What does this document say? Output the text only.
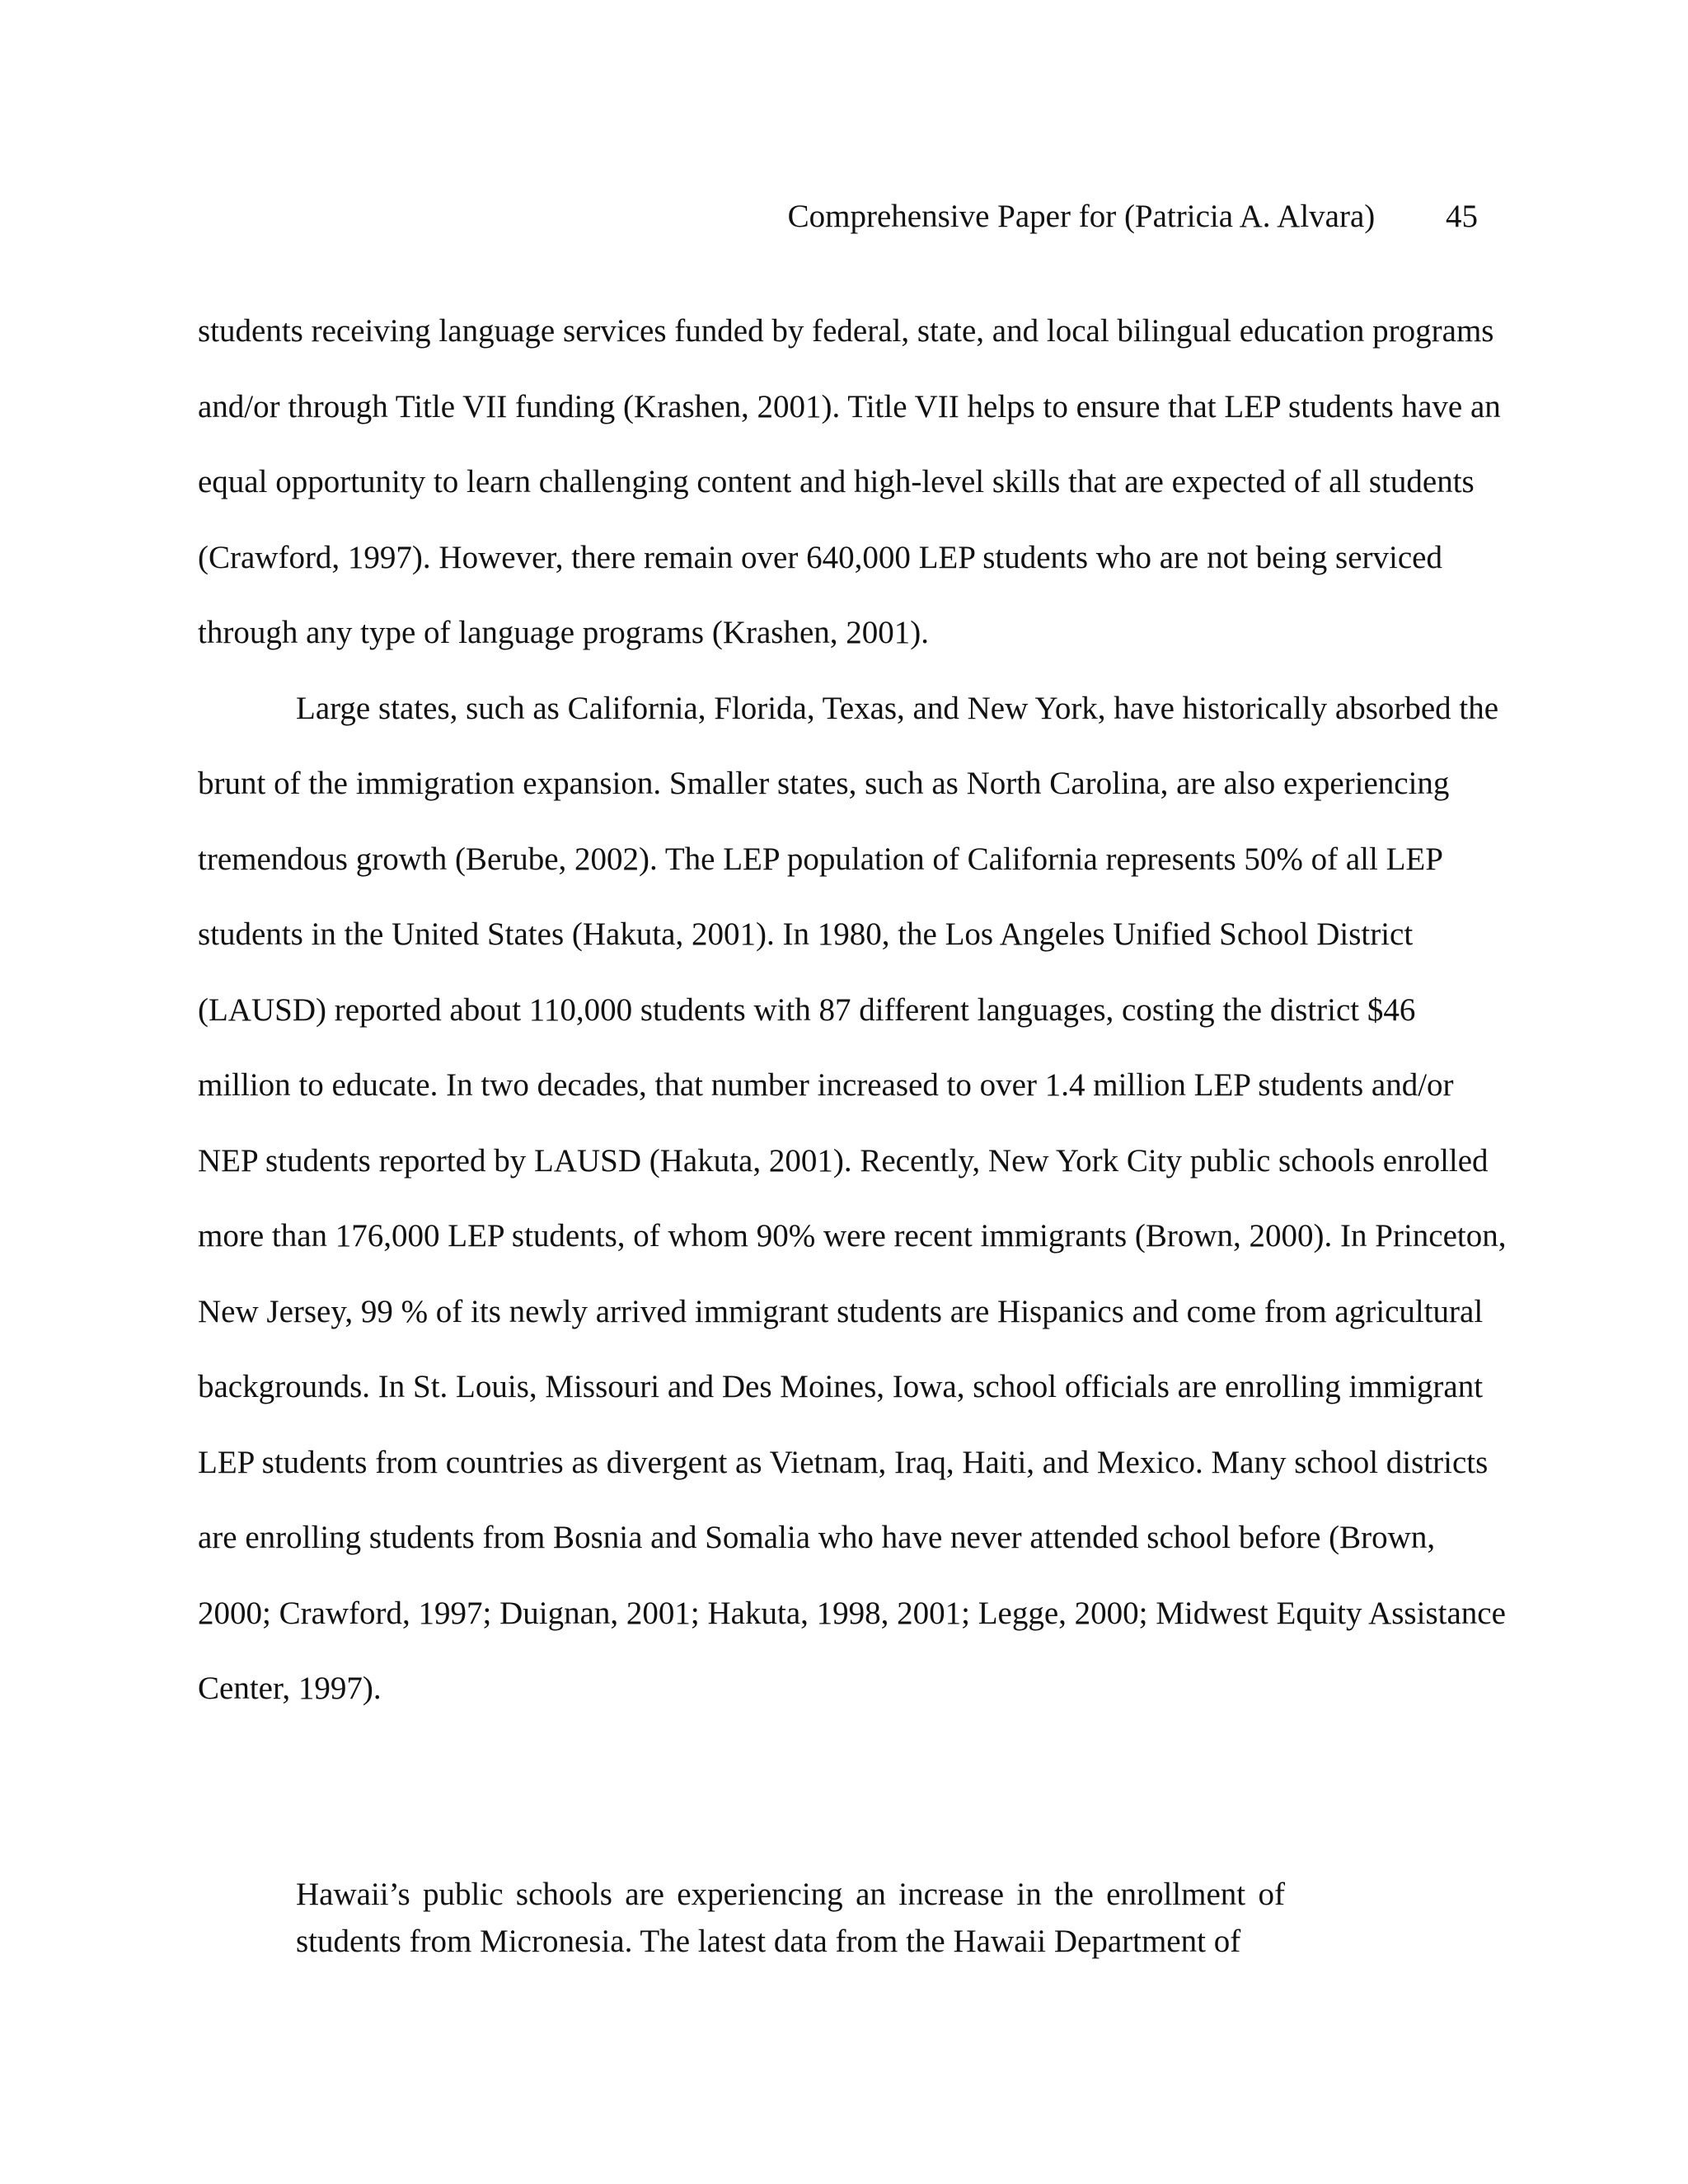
Comprehensive Paper for (Patricia A. Alvara) 45

students receiving language services funded by federal, state, and local bilingual education programs and/or through Title VII funding (Krashen, 2001). Title VII helps to ensure that LEP students have an equal opportunity to learn challenging content and high-level skills that are expected of all students (Crawford, 1997). However, there remain over 640,000 LEP students who are not being serviced through any type of language programs (Krashen, 2001).

Large states, such as California, Florida, Texas, and New York, have historically absorbed the brunt of the immigration expansion. Smaller states, such as North Carolina, are also experiencing tremendous growth (Berube, 2002). The LEP population of California represents 50% of all LEP students in the United States (Hakuta, 2001). In 1980, the Los Angeles Unified School District (LAUSD) reported about 110,000 students with 87 different languages, costing the district $46 million to educate. In two decades, that number increased to over 1.4 million LEP students and/or NEP students reported by LAUSD (Hakuta, 2001). Recently, New York City public schools enrolled more than 176,000 LEP students, of whom 90% were recent immigrants (Brown, 2000). In Princeton, New Jersey, 99 % of its newly arrived immigrant students are Hispanics and come from agricultural backgrounds. In St. Louis, Missouri and Des Moines, Iowa, school officials are enrolling immigrant LEP students from countries as divergent as Vietnam, Iraq, Haiti, and Mexico. Many school districts are enrolling students from Bosnia and Somalia who have never attended school before (Brown, 2000; Crawford, 1997; Duignan, 2001; Hakuta, 1998, 2001; Legge, 2000; Midwest Equity Assistance Center, 1997).

Hawaii’s public schools are experiencing an increase in the enrollment of students from Micronesia. The latest data from the Hawaii Department of
